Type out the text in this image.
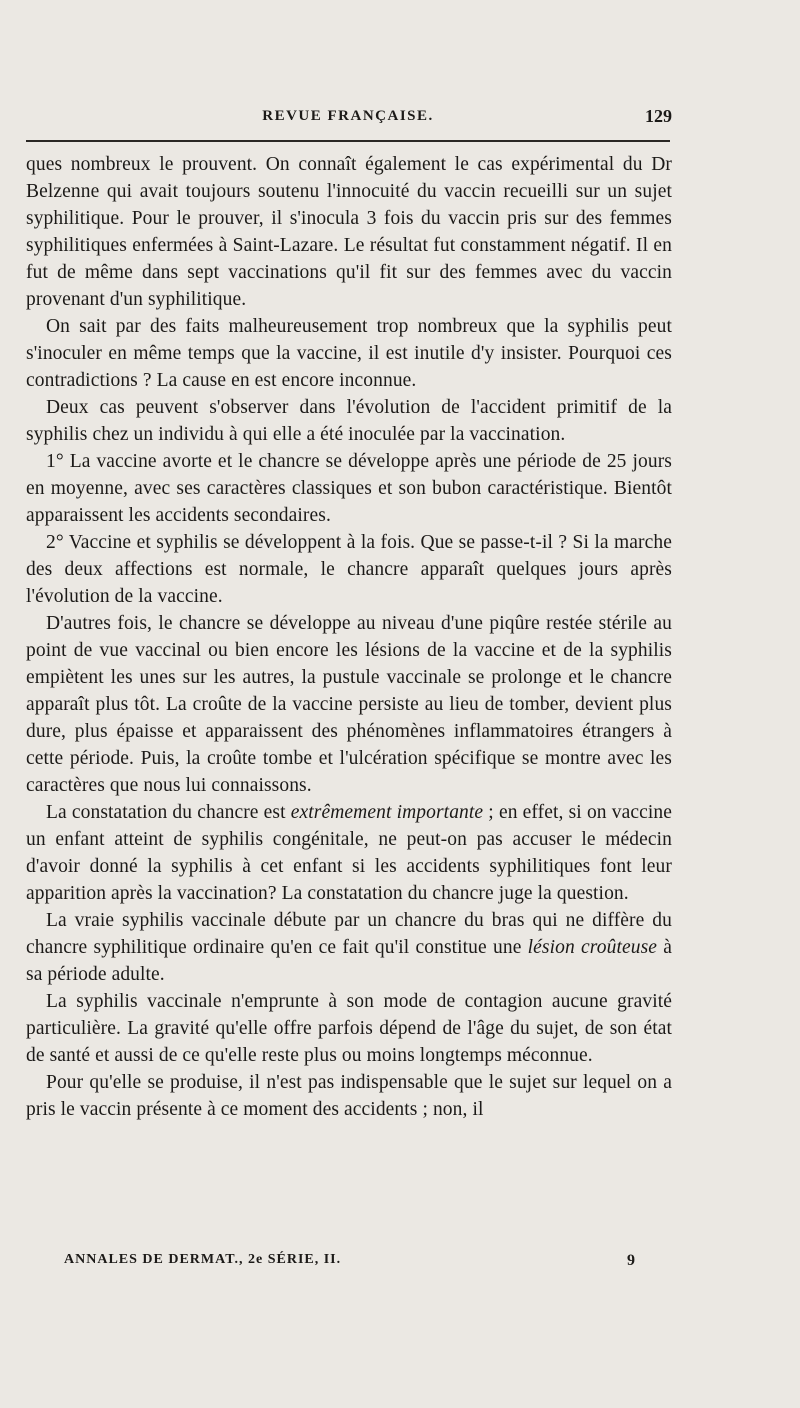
REVUE FRANÇAISE.	129

ques nombreux le prouvent. On connaît également le cas expérimental du Dr Belzenne qui avait toujours soutenu l'innocuité du vaccin recueilli sur un sujet syphilitique. Pour le prouver, il s'inocula 3 fois du vaccin pris sur des femmes syphilitiques enfermées à Saint-Lazare. Le résultat fut constamment négatif. Il en fut de même dans sept vaccinations qu'il fit sur des femmes avec du vaccin provenant d'un syphilitique.

On sait par des faits malheureusement trop nombreux que la syphilis peut s'inoculer en même temps que la vaccine, il est inutile d'y insister. Pourquoi ces contradictions ? La cause en est encore inconnue.

Deux cas peuvent s'observer dans l'évolution de l'accident primitif de la syphilis chez un individu à qui elle a été inoculée par la vaccination.

1° La vaccine avorte et le chancre se développe après une période de 25 jours en moyenne, avec ses caractères classiques et son bubon caractéristique. Bientôt apparaissent les accidents secondaires.

2° Vaccine et syphilis se développent à la fois. Que se passe-t-il ? Si la marche des deux affections est normale, le chancre apparaît quelques jours après l'évolution de la vaccine.

D'autres fois, le chancre se développe au niveau d'une piqûre restée stérile au point de vue vaccinal ou bien encore les lésions de la vaccine et de la syphilis empiètent les unes sur les autres, la pustule vaccinale se prolonge et le chancre apparaît plus tôt. La croûte de la vaccine persiste au lieu de tomber, devient plus dure, plus épaisse et apparaissent des phénomènes inflammatoires étrangers à cette période. Puis, la croûte tombe et l'ulcération spécifique se montre avec les caractères que nous lui connaissons.

La constatation du chancre est extrêmement importante ; en effet, si on vaccine un enfant atteint de syphilis congénitale, ne peut-on pas accuser le médecin d'avoir donné la syphilis à cet enfant si les accidents syphilitiques font leur apparition après la vaccination? La constatation du chancre juge la question.

La vraie syphilis vaccinale débute par un chancre du bras qui ne diffère du chancre syphilitique ordinaire qu'en ce fait qu'il constitue une lésion croûteuse à sa période adulte.

La syphilis vaccinale n'emprunte à son mode de contagion aucune gravité particulière. La gravité qu'elle offre parfois dépend de l'âge du sujet, de son état de santé et aussi de ce qu'elle reste plus ou moins longtemps méconnue.

Pour qu'elle se produise, il n'est pas indispensable que le sujet sur lequel on a pris le vaccin présente à ce moment des accidents ; non, il

ANNALES DE DERMAT., 2e SÉRIE, II.	9
